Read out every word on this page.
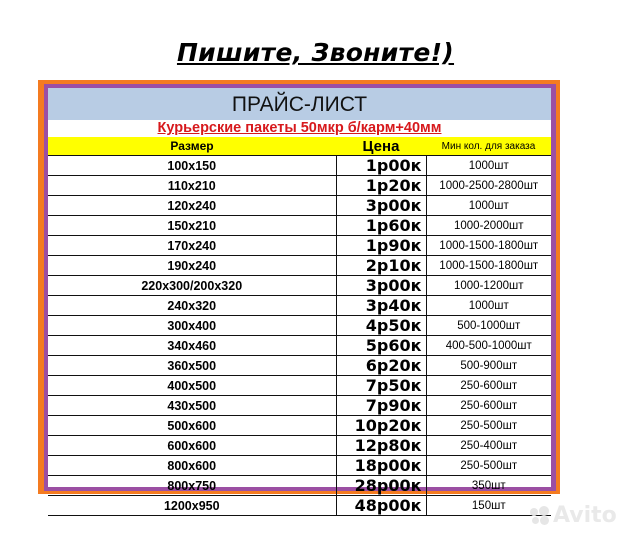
Пишите, Звоните!)
ПРАЙС-ЛИСТ
Курьерские пакеты 50мкр б/карм+40мм
Размер	Цена	Мин кол. для заказа
100x150	1р00к	1000шт
110x210	1р20к	1000-2500-2800шт
120x240	3р00к	1000шт
150x210	1р60к	1000-2000шт
170x240	1р90к	1000-1500-1800шт
190x240	2р10к	1000-1500-1800шт
220x300/200x320	3р00к	1000-1200шт
240x320	3р40к	1000шт
300x400	4р50к	500-1000шт
340x460	5р60к	400-500-1000шт
360x500	6р20к	500-900шт
400x500	7р50к	250-600шт
430x500	7р90к	250-600шт
500x600	10р20к	250-500шт
600x600	12р80к	250-400шт
800x600	18р00к	250-500шт
800x750	28р00к	350шт
1200x950	48р00к	150шт Avito
